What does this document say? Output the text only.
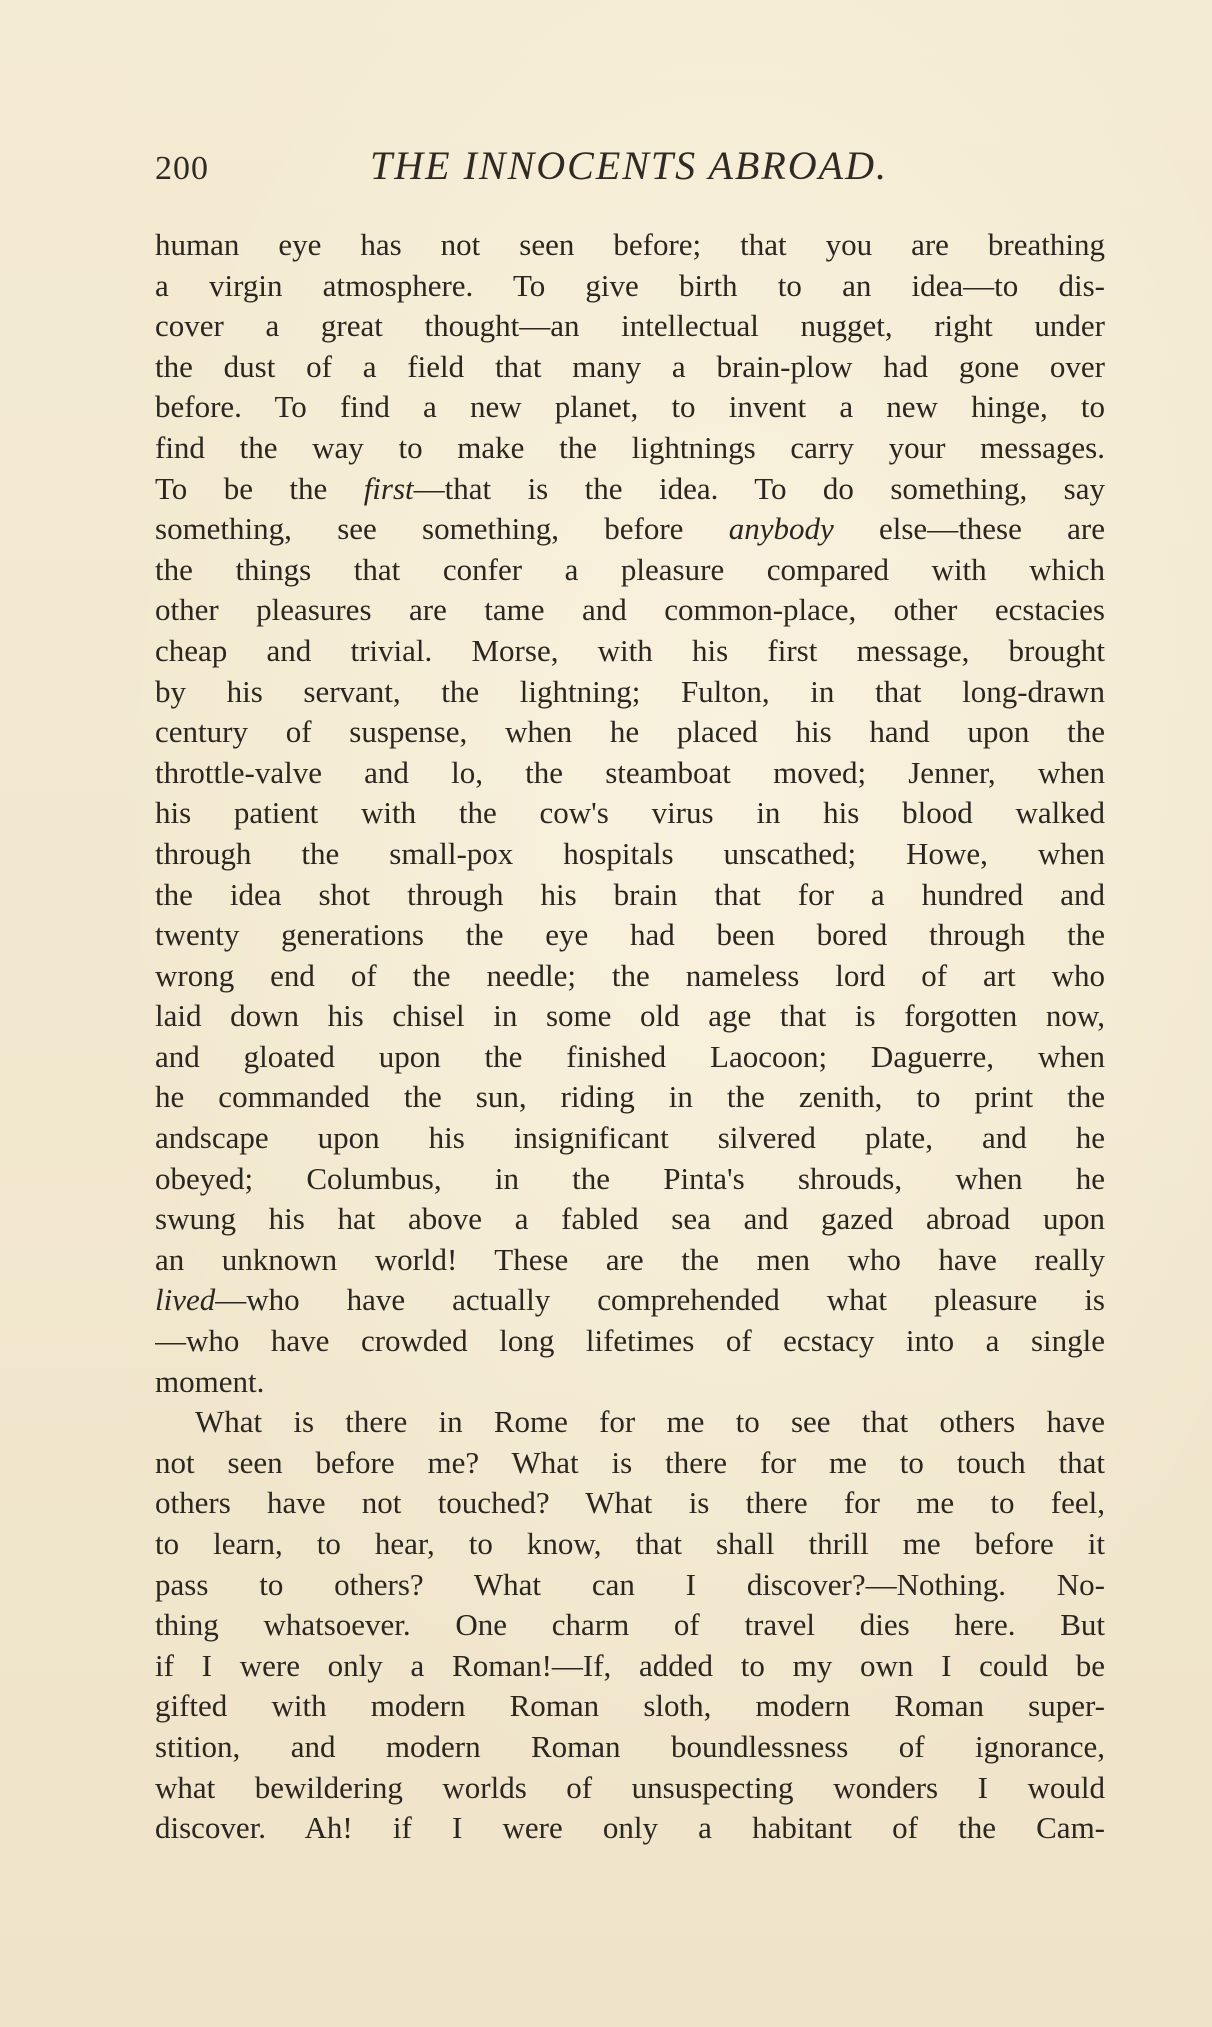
200	THE INNOCENTS ABROAD.
human eye has not seen before; that you are breathing
a virgin atmosphere. To give birth to an idea—to dis-
cover a great thought—an intellectual nugget, right under
the dust of a field that many a brain-plow had gone over
before. To find a new planet, to invent a new hinge, to
find the way to make the lightnings carry your messages.
To be the first—that is the idea. To do something, say
something, see something, before anybody else—these are
the things that confer a pleasure compared with which
other pleasures are tame and common-place, other ecstacies
cheap and trivial. Morse, with his first message, brought
by his servant, the lightning; Fulton, in that long-drawn
century of suspense, when he placed his hand upon the
throttle-valve and lo, the steamboat moved; Jenner, when
his patient with the cow's virus in his blood walked
through the small-pox hospitals unscathed; Howe, when
the idea shot through his brain that for a hundred and
twenty generations the eye had been bored through the
wrong end of the needle; the nameless lord of art who
laid down his chisel in some old age that is forgotten now,
and gloated upon the finished Laocoon; Daguerre, when
he commanded the sun, riding in the zenith, to print the
andscape upon his insignificant silvered plate, and he
obeyed; Columbus, in the Pinta's shrouds, when he
swung his hat above a fabled sea and gazed abroad upon
an unknown world! These are the men who have really
lived—who have actually comprehended what pleasure is
—who have crowded long lifetimes of ecstacy into a single
moment.
What is there in Rome for me to see that others have
not seen before me? What is there for me to touch that
others have not touched? What is there for me to feel,
to learn, to hear, to know, that shall thrill me before it
pass to others? What can I discover?—Nothing. No-
thing whatsoever. One charm of travel dies here. But
if I were only a Roman!—If, added to my own I could be
gifted with modern Roman sloth, modern Roman super-
stition, and modern Roman boundlessness of ignorance,
what bewildering worlds of unsuspecting wonders I would
discover. Ah! if I were only a habitant of the Cam-
